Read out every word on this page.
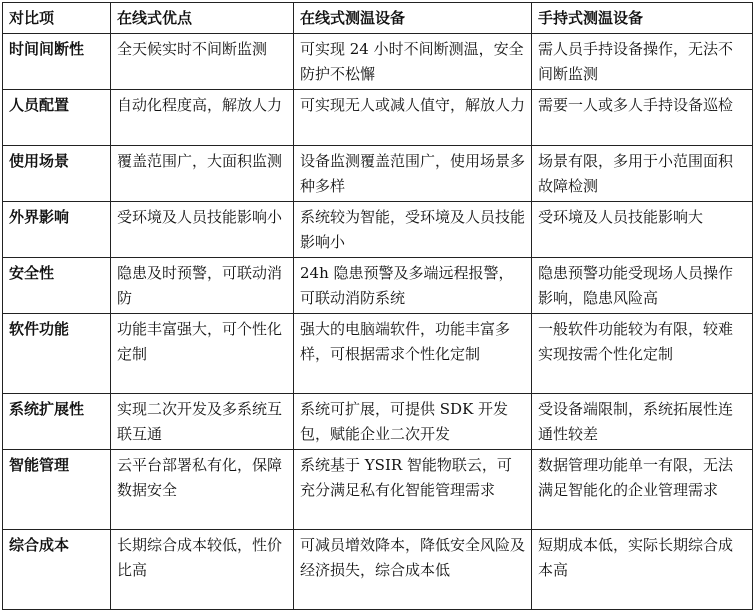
对比项	在线式优点	在线式测温设备	手持式测温设备
时间间断性	全天候实时不间断监测	可实现 24 小时不间断测温，安全防护不松懈	需人员手持设备操作，无法不间断监测
人员配置	自动化程度高，解放人力	可实现无人或减人值守，解放人力	需要一人或多人手持设备巡检
使用场景	覆盖范围广，大面积监测	设备监测覆盖范围广，使用场景多种多样	场景有限，多用于小范围面积故障检测
外界影响	受环境及人员技能影响小	系统较为智能，受环境及人员技能影响小	受环境及人员技能影响大
安全性	隐患及时预警，可联动消防	24h 隐患预警及多端远程报警，可联动消防系统	隐患预警功能受现场人员操作影响，隐患风险高
软件功能	功能丰富强大，可个性化定制	强大的电脑端软件，功能丰富多样，可根据需求个性化定制	一般软件功能较为有限，较难实现按需个性化定制
系统扩展性	实现二次开发及多系统互联互通	系统可扩展，可提供 SDK 开发包，赋能企业二次开发	受设备端限制，系统拓展性连通性较差
智能管理	云平台部署私有化，保障数据安全	系统基于 YSIR 智能物联云，可充分满足私有化智能管理需求	数据管理功能单一有限，无法满足智能化的企业管理需求
综合成本	长期综合成本较低，性价比高	可减员增效降本，降低安全风险及经济损失，综合成本低	短期成本低，实际长期综合成本高
